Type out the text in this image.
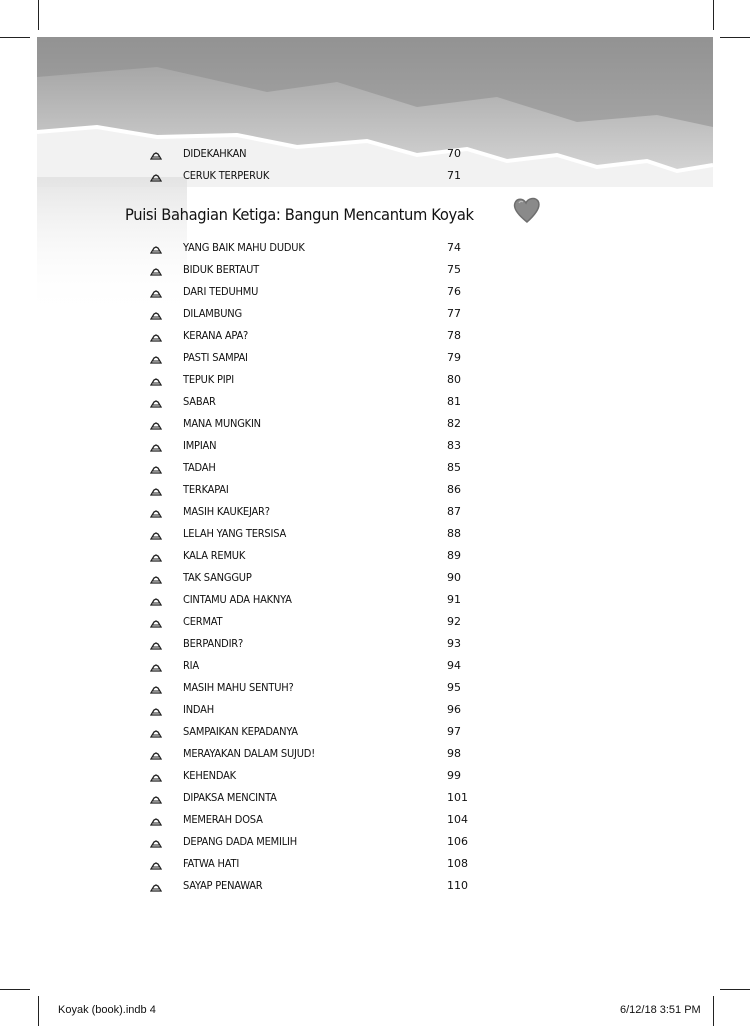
DIDEKAHKAN	70
CERUK TERPERUK	71
Puisi Bahagian Ketiga: Bangun Mencantum Koyak
YANG BAIK MAHU DUDUK	74
BIDUK BERTAUT	75
DARI TEDUHMU	76
DILAMBUNG	77
KERANA APA?	78
PASTI SAMPAI	79
TEPUK PIPI	80
SABAR	81
MANA MUNGKIN	82
IMPIAN	83
TADAH	85
TERKAPAI	86
MASIH KAUKEJAR?	87
LELAH YANG TERSISA	88
KALA REMUK	89
TAK SANGGUP	90
CINTAMU ADA HAKNYA	91
CERMAT	92
BERPANDIR?	93
RIA	94
MASIH MAHU SENTUH?	95
INDAH	96
SAMPAIKAN KEPADANYA	97
MERAYAKAN DALAM SUJUD!	98
KEHENDAK	99
DIPAKSA MENCINTA	101
MEMERAH DOSA	104
DEPANG DADA MEMILIH	106
FATWA HATI	108
SAYAP PENAWAR	110
Koyak (book).indb 4	6/12/18 3:51 PM
